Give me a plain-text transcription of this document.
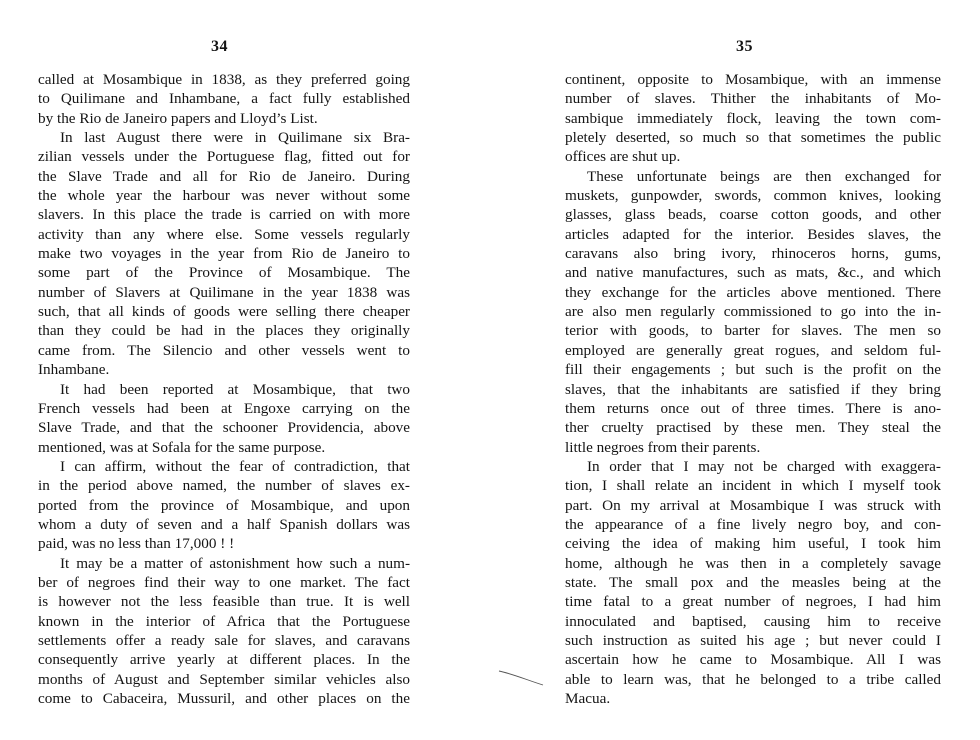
34
called at Mosambique in 1838, as they preferred going
to Quilimane and Inhambane, a fact fully established
by the Rio de Janeiro papers and Lloyd’s List.
In last August there were in Quilimane six Bra-
zilian vessels under the Portuguese flag, fitted out for
the Slave Trade and all for Rio de Janeiro. During
the whole year the harbour was never without some
slavers. In this place the trade is carried on with more
activity than any where else. Some vessels regularly
make two voyages in the year from Rio de Janeiro to
some part of the Province of Mosambique. The
number of Slavers at Quilimane in the year 1838 was
such, that all kinds of goods were selling there cheaper
than they could be had in the places they originally
came from. The Silencio and other vessels went to
Inhambane.
It had been reported at Mosambique, that two
French vessels had been at Engoxe carrying on the
Slave Trade, and that the schooner Providencia, above
mentioned, was at Sofala for the same purpose.
I can affirm, without the fear of contradiction, that
in the period above named, the number of slaves ex-
ported from the province of Mosambique, and upon
whom a duty of seven and a half Spanish dollars was
paid, was no less than 17,000 ! !
It may be a matter of astonishment how such a num-
ber of negroes find their way to one market. The fact
is however not the less feasible than true. It is well
known in the interior of Africa that the Portuguese
settlements offer a ready sale for slaves, and caravans
consequently arrive yearly at different places. In the
months of August and September similar vehicles also
come to Cabaceira, Mussuril, and other places on the
35
continent, opposite to Mosambique, with an immense
number of slaves. Thither the inhabitants of Mo-
sambique immediately flock, leaving the town com-
pletely deserted, so much so that sometimes the public
offices are shut up.
These unfortunate beings are then exchanged for
muskets, gunpowder, swords, common knives, looking
glasses, glass beads, coarse cotton goods, and other
articles adapted for the interior. Besides slaves, the
caravans also bring ivory, rhinoceros horns, gums,
and native manufactures, such as mats, &c., and which
they exchange for the articles above mentioned. There
are also men regularly commissioned to go into the in-
terior with goods, to barter for slaves. The men so
employed are generally great rogues, and seldom ful-
fill their engagements ; but such is the profit on the
slaves, that the inhabitants are satisfied if they bring
them returns once out of three times. There is ano-
ther cruelty practised by these men. They steal the
little negroes from their parents.
In order that I may not be charged with exaggera-
tion, I shall relate an incident in which I myself took
part. On my arrival at Mosambique I was struck with
the appearance of a fine lively negro boy, and con-
ceiving the idea of making him useful, I took him
home, although he was then in a completely savage
state. The small pox and the measles being at the
time fatal to a great number of negroes, I had him
innoculated and baptised, causing him to receive
such instruction as suited his age ; but never could I
ascertain how he came to Mosambique. All I was
able to learn was, that he belonged to a tribe called
Macua.
